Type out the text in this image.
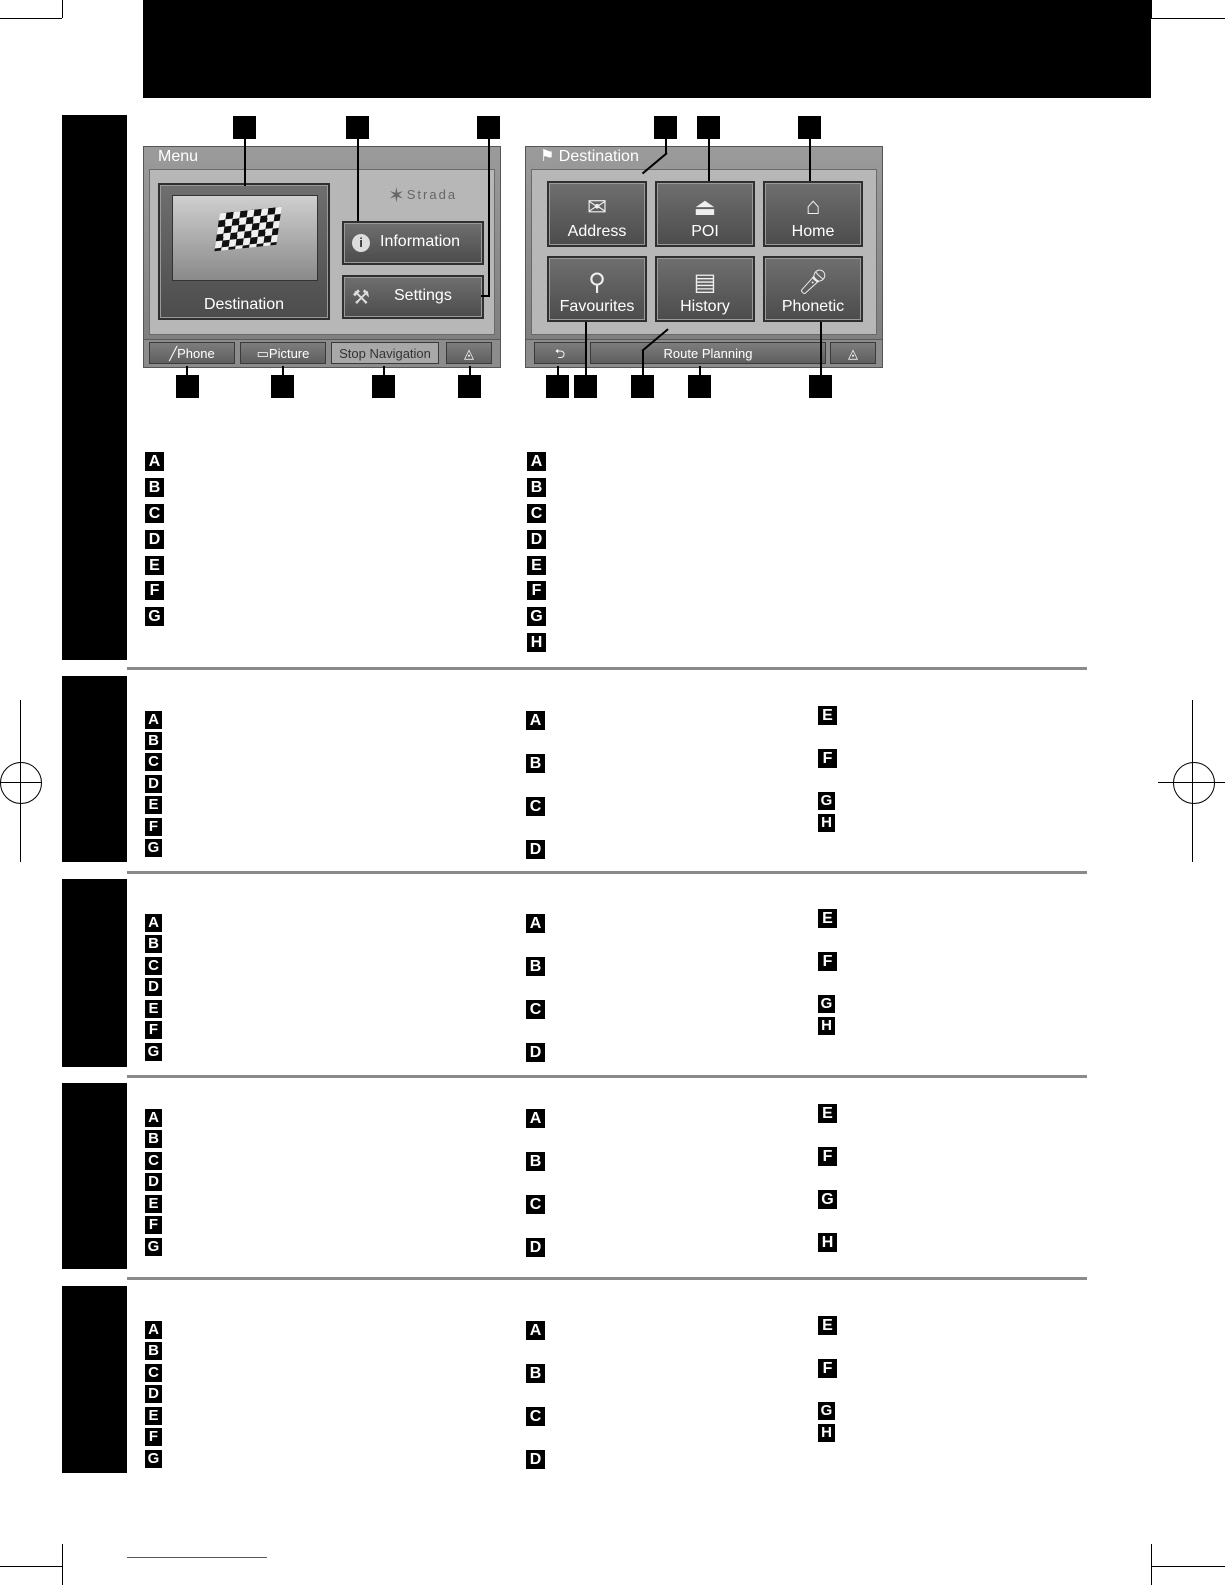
Menu
✶Strada
Destination
i	Information
⚒ Settings
╱Phone	▭Picture	Stop Navigation	◬
⚑ Destination
✉
Address
⏏
POI
⌂
Home
⚲
Favourites
▤
History
🎤︎
Phonetic
⮌	Route Planning	◬
A
B
C
D
E
F
G
A
B
C
D
E
F
G
H
A
B
C
D
E
F
G
A
B
C
D
E
F
G
H
A
B
C
D
E
F
G
A
B
C
D
E
F
G
H
A
B
C
D
E
F
G
A
B
C
D
E
F
G
H
A
B
C
D
E
F
G
A
B
C
D
E
F
G
H
